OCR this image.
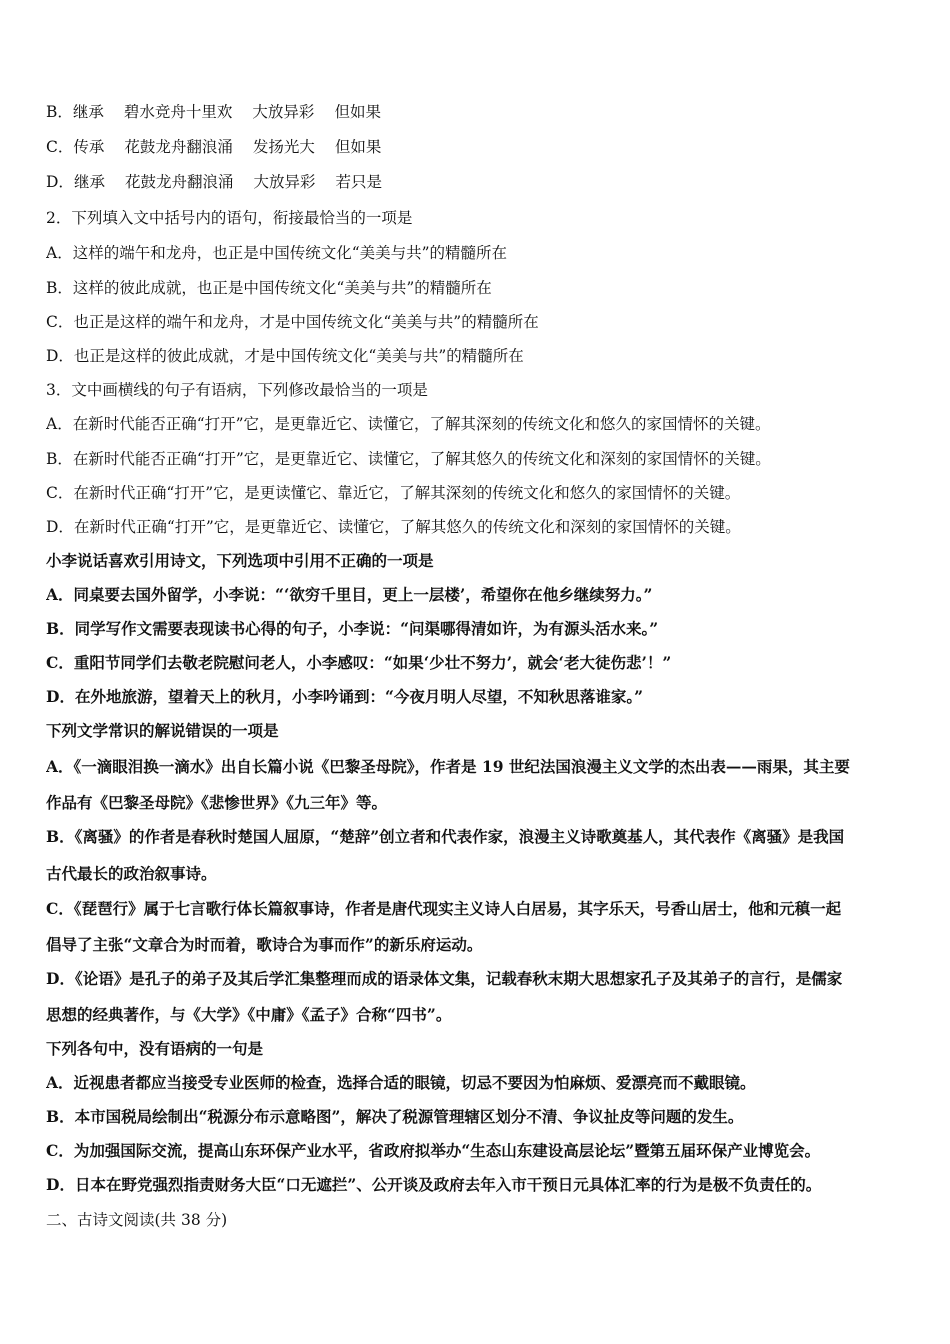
B．继承 碧水竞舟十里欢 大放异彩 但如果
C．传承 花鼓龙舟翻浪涌 发扬光大 但如果
D．继承 花鼓龙舟翻浪涌 大放异彩 若只是
2．下列填入文中括号内的语句，衔接最恰当的一项是
A．这样的端午和龙舟，也正是中国传统文化“美美与共”的精髓所在
B．这样的彼此成就，也正是中国传统文化“美美与共”的精髓所在
C．也正是这样的端午和龙舟，才是中国传统文化“美美与共”的精髓所在
D．也正是这样的彼此成就，才是中国传统文化“美美与共”的精髓所在
3．文中画横线的句子有语病，下列修改最恰当的一项是
A．在新时代能否正确“打开”它，是更靠近它、读懂它，了解其深刻的传统文化和悠久的家国情怀的关键。
B．在新时代能否正确“打开”它，是更靠近它、读懂它，了解其悠久的传统文化和深刻的家国情怀的关键。
C．在新时代正确“打开”它，是更读懂它、靠近它，了解其深刻的传统文化和悠久的家国情怀的关键。
D．在新时代正确“打开”它，是更靠近它、读懂它，了解其悠久的传统文化和深刻的家国情怀的关键。
小李说话喜欢引用诗文，下列选项中引用不正确的一项是
A．同桌要去国外留学，小李说：“‘欲穷千里目，更上一层楼’，希望你在他乡继续努力。”
B．同学写作文需要表现读书心得的句子，小李说：“问渠哪得清如许，为有源头活水来。”
C．重阳节同学们去敬老院慰问老人，小李感叹：“如果‘少壮不努力’，就会‘老大徒伤悲’！”
D．在外地旅游，望着天上的秋月，小李吟诵到：“今夜月明人尽望，不知秋思落谁家。”
下列文学常识的解说错误的一项是
A．《一滴眼泪换一滴水》出自长篇小说《巴黎圣母院》，作者是 19 世纪法国浪漫主义文学的杰出表——雨果，其主要
作品有《巴黎圣母院》《悲惨世界》《九三年》等。
B．《离骚》的作者是春秋时楚国人屈原，“楚辞”创立者和代表作家，浪漫主义诗歌奠基人，其代表作《离骚》是我国
古代最长的政治叙事诗。
C．《琵琶行》属于七言歌行体长篇叙事诗，作者是唐代现实主义诗人白居易，其字乐天，号香山居士，他和元稹一起
倡导了主张“文章合为时而着，歌诗合为事而作”的新乐府运动。
D．《论语》是孔子的弟子及其后学汇集整理而成的语录体文集，记载春秋末期大思想家孔子及其弟子的言行，是儒家
思想的经典著作，与《大学》《中庸》《孟子》合称“四书”。
下列各句中，没有语病的一句是
A．近视患者都应当接受专业医师的检查，选择合适的眼镜，切忌不要因为怕麻烦、爱漂亮而不戴眼镜。
B．本市国税局绘制出“税源分布示意略图”，解决了税源管理辖区划分不清、争议扯皮等问题的发生。
C．为加强国际交流，提高山东环保产业水平，省政府拟举办“生态山东建设高层论坛”暨第五届环保产业博览会。
D．日本在野党强烈指责财务大臣“口无遮拦”、公开谈及政府去年入市干预日元具体汇率的行为是极不负责任的。
二、古诗文阅读(共 38 分)
